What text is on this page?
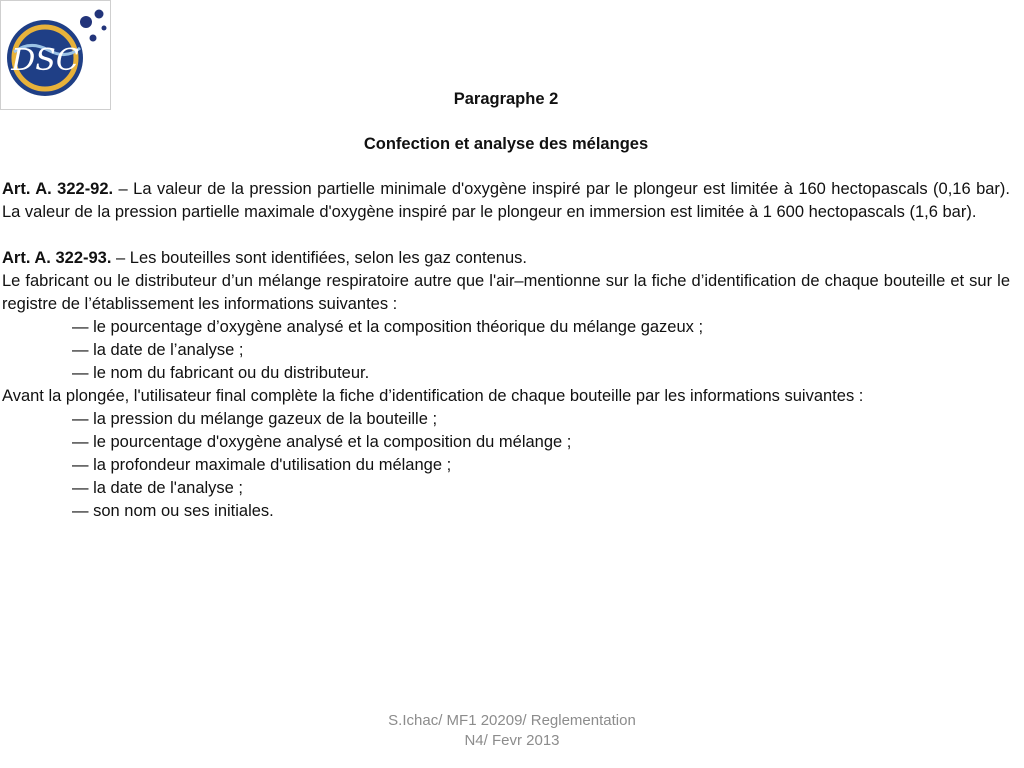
DSC

Paragraphe 2

Confection et analyse des mélanges

Art. A. 322-92. – La valeur de la pression partielle minimale d'oxygène inspiré par le plongeur est limitée à 160 hectopascals (0,16 bar). La valeur de la pression partielle maximale d'oxygène inspiré par le plongeur en immersion est limitée à 1 600 hectopascals (1,6 bar).

Art. A. 322-93. – Les bouteilles sont identifiées, selon les gaz contenus.

Le fabricant ou le distributeur d’un mélange respiratoire autre que l'air–mentionne sur la fiche d’identification de chaque bouteille et sur le registre de l’établissement les informations suivantes :

— le pourcentage d’oxygène analysé et la composition théorique du mélange gazeux ;

— la date de l’analyse ;

— le nom du fabricant ou du distributeur.

Avant la plongée, l'utilisateur final complète la fiche d’identification de chaque bouteille par les informations suivantes :

— la pression du mélange gazeux de la bouteille ;

— le pourcentage d'oxygène analysé et la composition du mélange ;

— la profondeur maximale d'utilisation du mélange ;

— la date de l'analyse ;

— son nom ou ses initiales.

S.Ichac/ MF1 20209/ Reglementation
N4/ Fevr 2013
